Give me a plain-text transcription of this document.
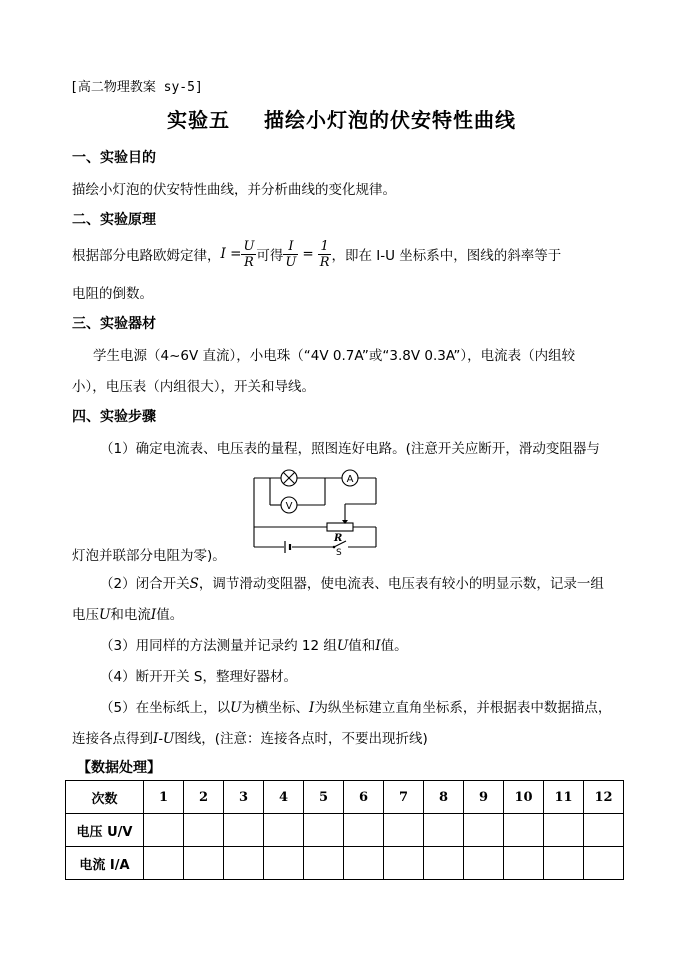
[高二物理教案 sy-5]
实验五 描绘小灯泡的伏安特性曲线
一、实验目的
描绘小灯泡的伏安特性曲线，并分析曲线的变化规律。
二、实验原理
根据部分电路欧姆定律， $I = \frac{U}{R}$ 可得 $\frac{I}{U} = \frac{1}{R}$ ，即在 I-U 坐标系中，图线的斜率等于
电阻的倒数。
三、实验器材
学生电源（4~6V 直流），小电珠（“4V 0.7A”或“3.8V 0.3A”），电流表（内组较
小），电压表（内组很大），开关和导线。
四、实验步骤
（1）确定电流表、电压表的量程，照图连好电路。(注意开关应断开，滑动变阻器与
A
V
R
S
灯泡并联部分电阻为零)。
（2）闭合开关S，调节滑动变阻器，使电流表、电压表有较小的明显示数，记录一组
电压U和电流I值。
（3）用同样的方法测量并记录约 12 组U值和I值。
（4）断开开关 S，整理好器材。
（5）在坐标纸上，以U为横坐标、I为纵坐标建立直角坐标系，并根据表中数据描点，
连接各点得到I-U图线，(注意：连接各点时，不要出现折线)
【数据处理】
次数	1	2	3	4	5	6	7	8	9	10	11	12
电压 U/V												
电流 I/A												
